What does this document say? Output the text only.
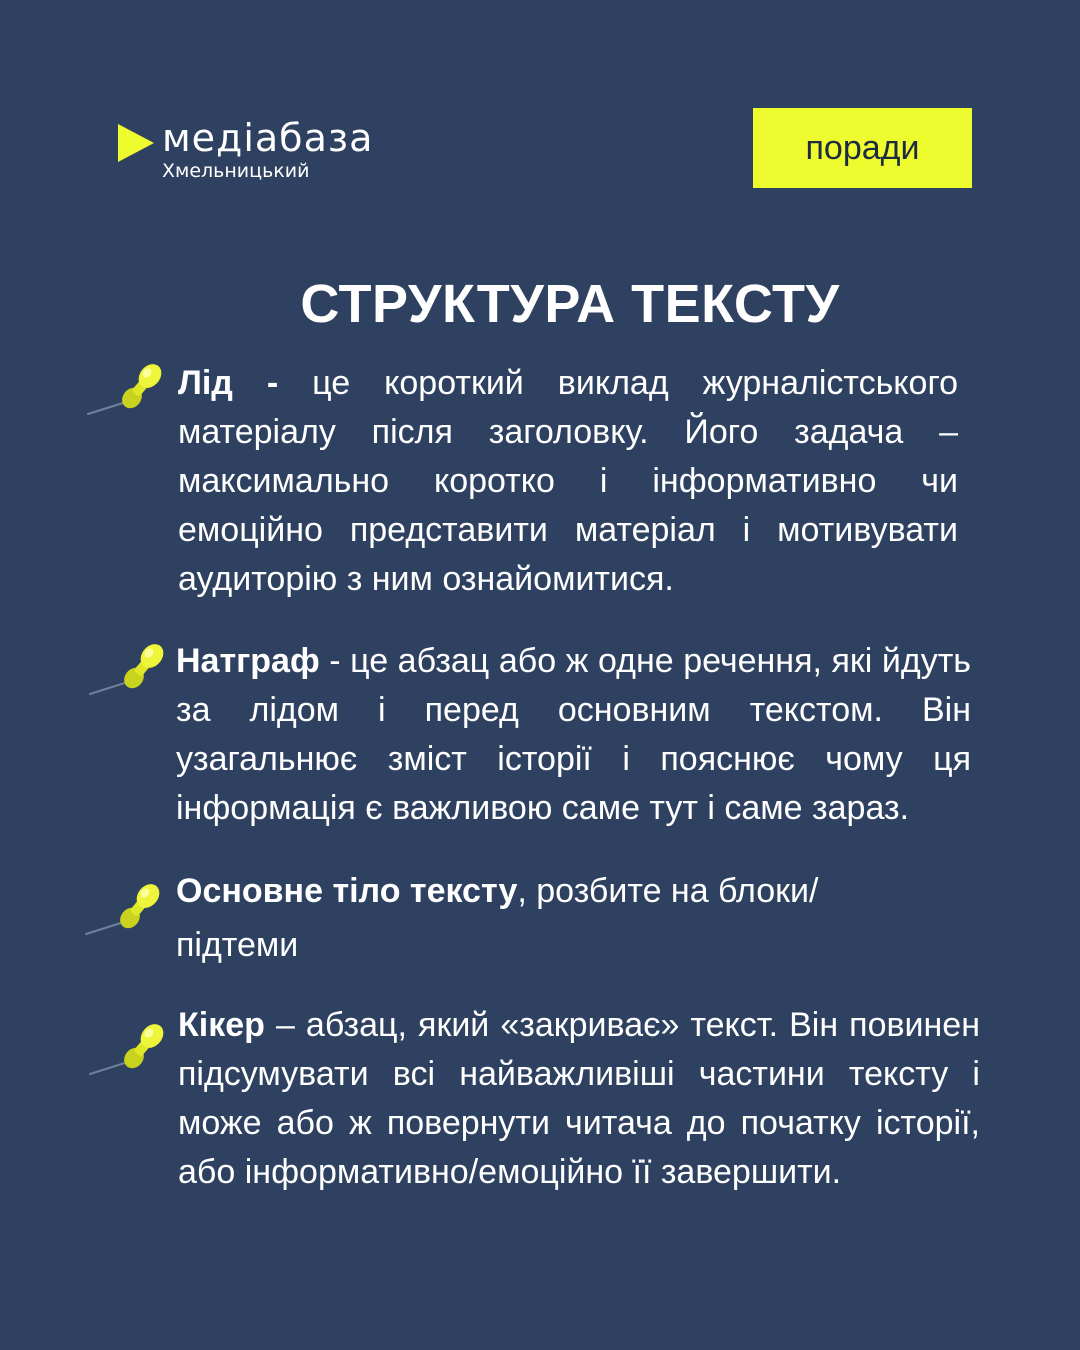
медіабаза
Хмельницький
поради
СТРУКТУРА ТЕКСТУ

Лід - це короткий виклад журналістського матеріалу після заголовку. Його задача – максимально коротко і інформативно чи емоційно представити матеріал і мотивувати аудиторію з ним ознайомитися.

Натграф - це абзац або ж одне речення, які йдуть за лідом і перед основним текстом. Він узагальнює зміст історії і пояснює чому ця інформація є важливою саме тут і саме зараз.

Основне тіло тексту, розбите на блоки/ підтеми

Кікер – абзац, який «закриває» текст. Він повинен підсумувати всі найважливіші частини тексту і може або ж повернути читача до початку історії, або інформативно/емоційно її завершити.
